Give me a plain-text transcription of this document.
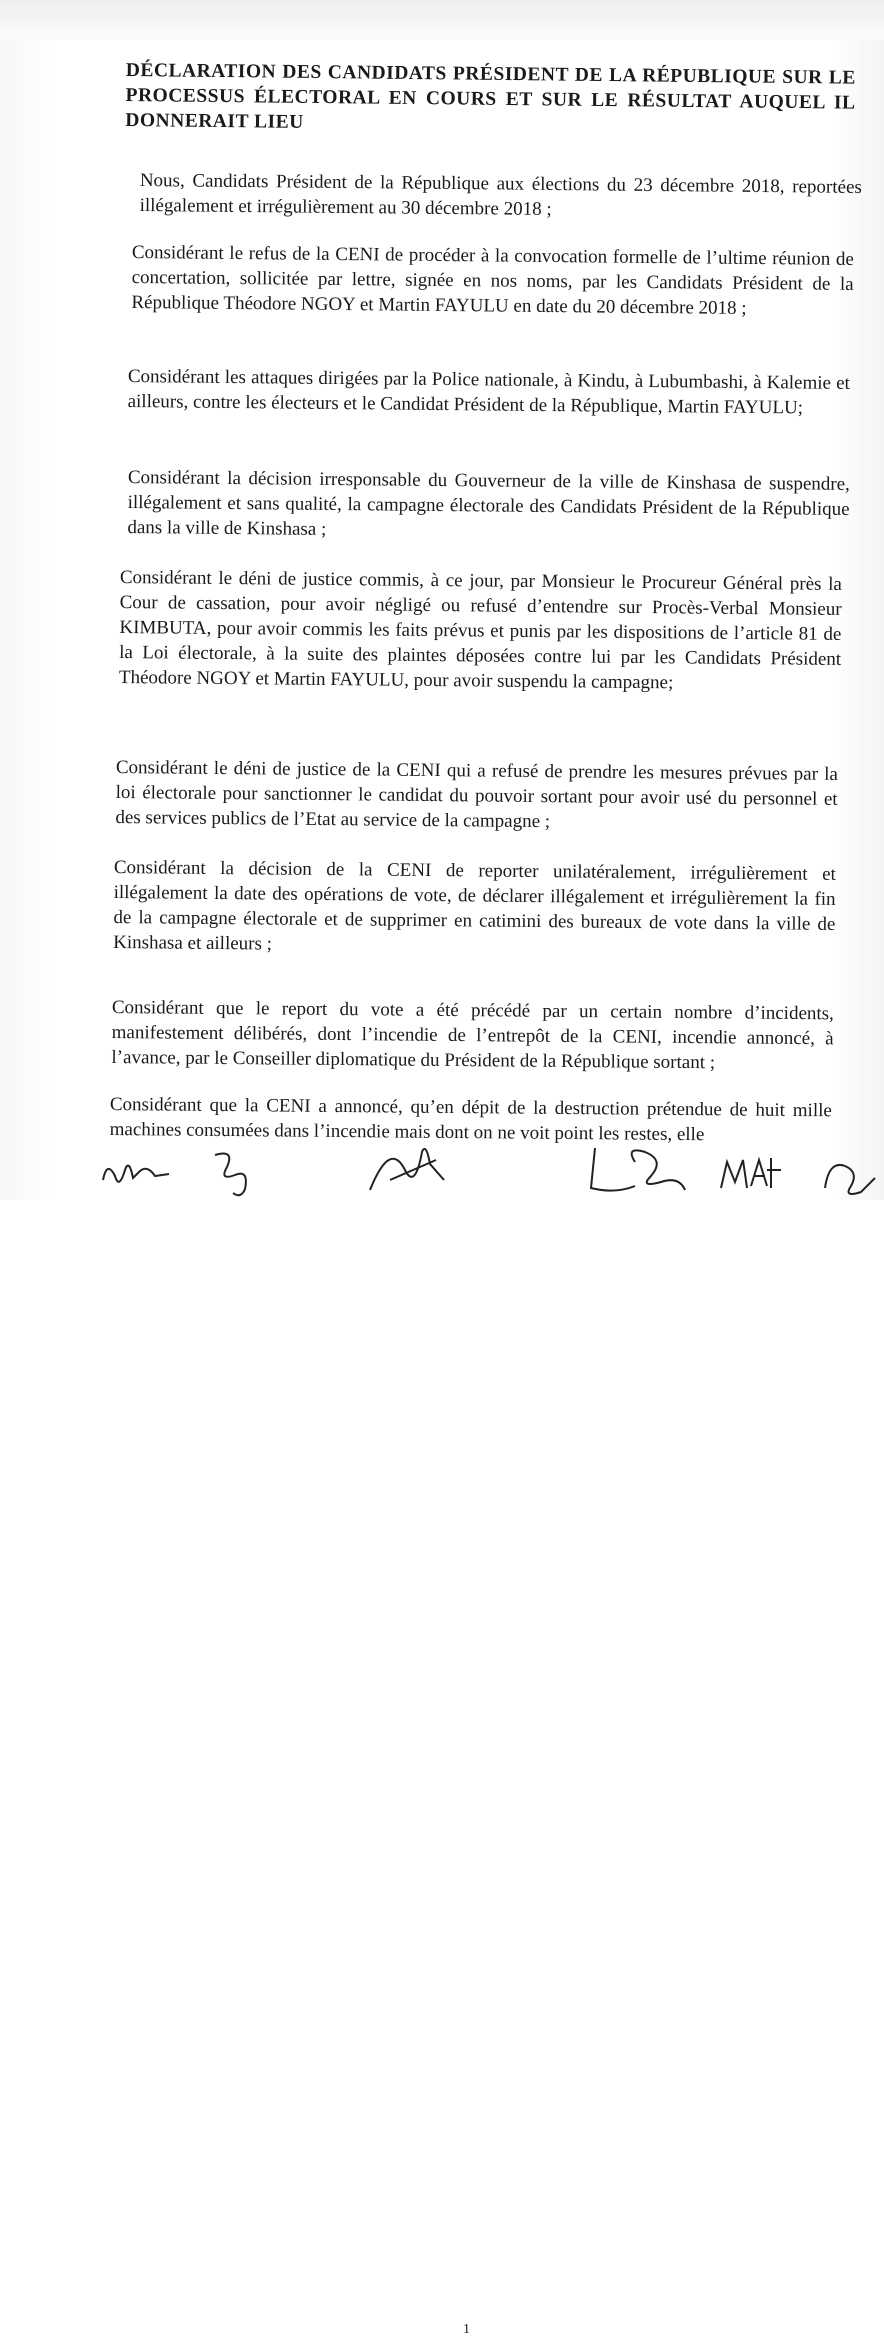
DÉCLARATION DES CANDIDATS PRÉSIDENT DE LA RÉPUBLIQUE SUR LE PROCESSUS ÉLECTORAL EN COURS ET SUR LE RÉSULTAT AUQUEL IL DONNERAIT LIEU
Nous, Candidats Président de la République aux élections du 23 décembre 2018, reportées illégalement et irrégulièrement au 30 décembre 2018 ;
Considérant le refus de la CENI de procéder à la convocation formelle de l’ultime réunion de concertation, sollicitée par lettre, signée en nos noms, par les Candidats Président de la République Théodore NGOY et Martin FAYULU en date du 20 décembre 2018 ;
Considérant les attaques dirigées par la Police nationale, à Kindu, à Lubumbashi, à Kalemie et ailleurs, contre les électeurs et le Candidat Président de la République, Martin FAYULU;
Considérant la décision irresponsable du Gouverneur de la ville de Kinshasa de suspendre, illégalement et sans qualité, la campagne électorale des Candidats Président de la République dans la ville de Kinshasa ;
Considérant le déni de justice commis, à ce jour, par Monsieur le Procureur Général près la Cour de cassation, pour avoir négligé ou refusé d’entendre sur Procès-Verbal Monsieur KIMBUTA, pour avoir commis les faits prévus et punis par les dispositions de l’article 81 de la Loi électorale, à la suite des plaintes déposées contre lui par les Candidats Président Théodore NGOY et Martin FAYULU, pour avoir suspendu la campagne;
Considérant le déni de justice de la CENI qui a refusé de prendre les mesures prévues par la loi électorale pour sanctionner le candidat du pouvoir sortant pour avoir usé du personnel et des services publics de l’Etat au service de la campagne ;
Considérant la décision de la CENI de reporter unilatéralement, irrégulièrement et illégalement la date des opérations de vote, de déclarer illégalement et irrégulièrement la fin de la campagne électorale et de supprimer en catimini des bureaux de vote dans la ville de Kinshasa et ailleurs ;
Considérant que le report du vote a été précédé par un certain nombre d’incidents, manifestement délibérés, dont l’incendie de l’entrepôt de la CENI, incendie annoncé, à l’avance, par le Conseiller diplomatique du Président de la République sortant ;
Considérant que la CENI a annoncé, qu’en dépit de la destruction prétendue de huit mille machines consumées dans l’incendie mais dont on ne voit point les restes, elle
1
